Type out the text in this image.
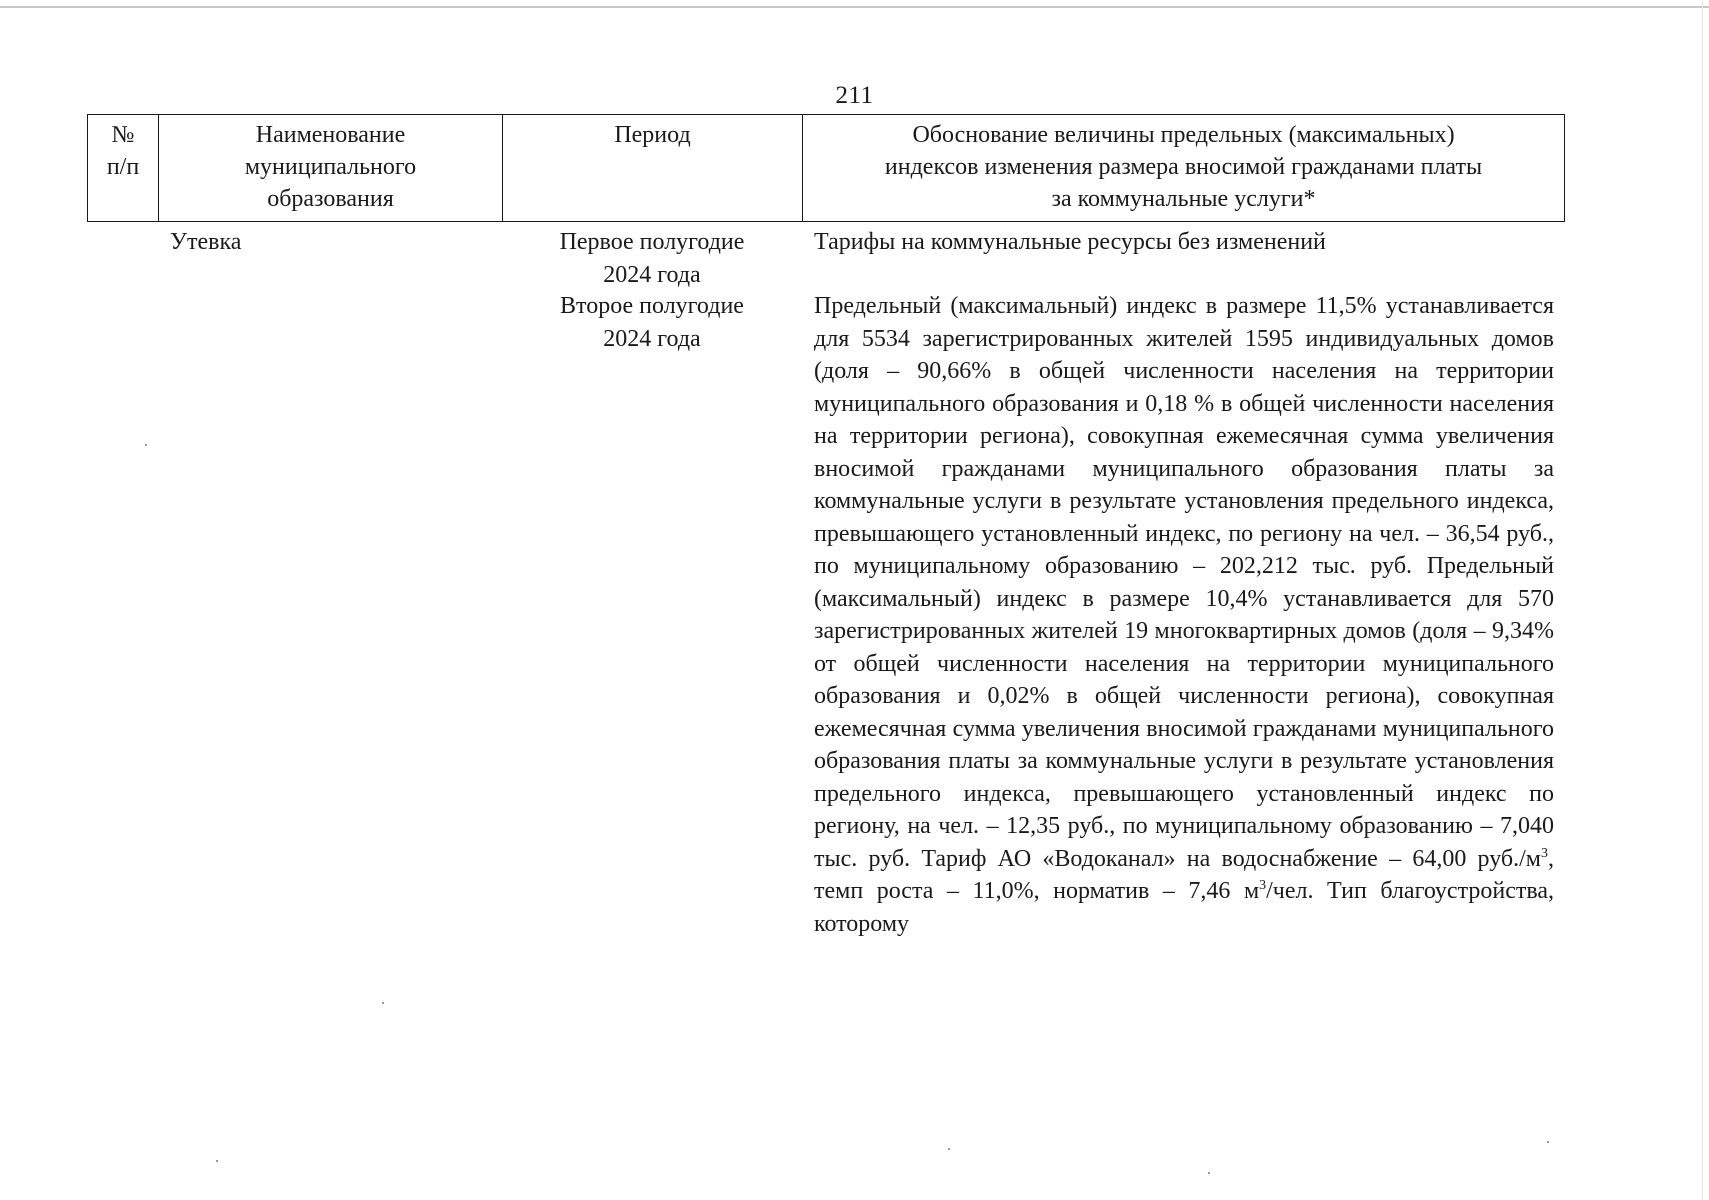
211
№
п/п
Наименование
муниципального
образования
Период	Обоснование величины предельных (максимальных)
индексов изменения размера вносимой гражданами платы
за коммунальные услуги*
Утевка	Первое полугодие
2024 года
Второе полугодие
2024 года
Тарифы на коммунальные ресурсы без изменений
Предельный (максимальный) индекс в размере 11,5% устанавливается для 5534 зарегистрированных жителей 1595 индивидуальных домов (доля – 90,66% в общей численности населения на территории муниципального образования и 0,18 % в общей численности населения на территории региона), совокупная ежемесячная сумма увеличения вносимой гражданами муниципального образования платы за коммунальные услуги в результате установления предельного индекса, превышающего установленный индекс, по региону на чел. – 36,54 руб., по муниципальному образованию – 202,212 тыс. руб. Предельный (максимальный) индекс в размере 10,4% устанавливается для 570 зарегистрированных жителей 19 многоквартирных домов (доля – 9,34% от общей численности населения на территории муниципального образования и 0,02% в общей численности региона), совокупная ежемесячная сумма увеличения вносимой гражданами муниципального образования платы за коммунальные услуги в результате установления предельного индекса, превышающего установленный индекс по региону, на чел. – 12,35 руб., по муниципальному образованию – 7,040 тыс. руб. Тариф АО «Водоканал» на водоснабжение – 64,00 $руб./м^3$, темп роста – 11,0%, норматив – 7,46 $м^3$/чел. Тип благоустройства, которому
